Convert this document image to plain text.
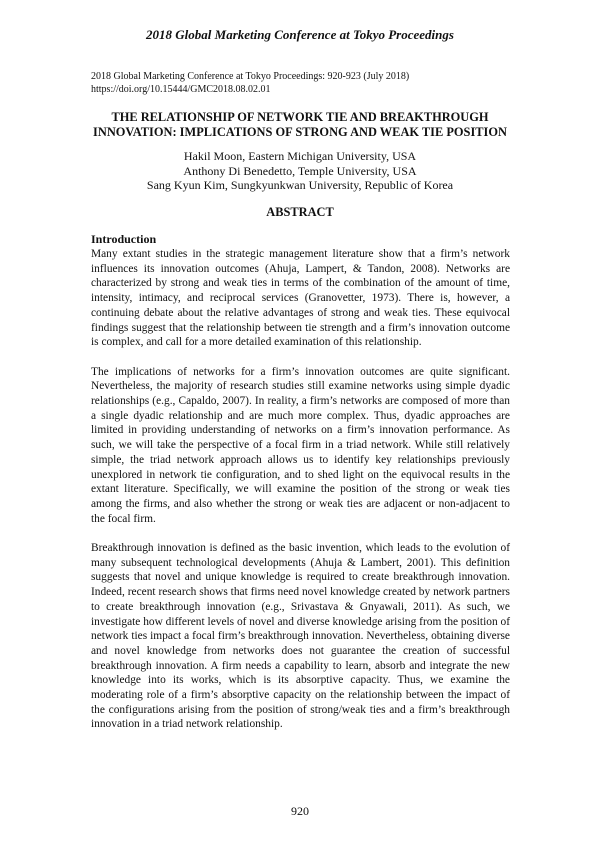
2018 Global Marketing Conference at Tokyo Proceedings
2018 Global Marketing Conference at Tokyo Proceedings: 920-923 (July 2018)
https://doi.org/10.15444/GMC2018.08.02.01
THE RELATIONSHIP OF NETWORK TIE AND BREAKTHROUGH
INNOVATION: IMPLICATIONS OF STRONG AND WEAK TIE POSITION
Hakil Moon, Eastern Michigan University, USA
Anthony Di Benedetto, Temple University, USA
Sang Kyun Kim, Sungkyunkwan University, Republic of Korea
ABSTRACT
Introduction

Many extant studies in the strategic management literature show that a firm’s network influences its innovation outcomes (Ahuja, Lampert, & Tandon, 2008). Networks are characterized by strong and weak ties in terms of the combination of the amount of time, intensity, intimacy, and reciprocal services (Granovetter, 1973). There is, however, a continuing debate about the relative advantages of strong and weak ties. These equivocal findings suggest that the relationship between tie strength and a firm’s innovation outcome is complex, and call for a more detailed examination of this relationship.

The implications of networks for a firm’s innovation outcomes are quite significant. Nevertheless, the majority of research studies still examine networks using simple dyadic relationships (e.g., Capaldo, 2007). In reality, a firm’s networks are composed of more than a single dyadic relationship and are much more complex. Thus, dyadic approaches are limited in providing understanding of networks on a firm’s innovation performance. As such, we will take the perspective of a focal firm in a triad network. While still relatively simple, the triad network approach allows us to identify key relationships previously unexplored in network tie configuration, and to shed light on the equivocal results in the extant literature. Specifically, we will examine the position of the strong or weak ties among the firms, and also whether the strong or weak ties are adjacent or non-adjacent to the focal firm.

Breakthrough innovation is defined as the basic invention, which leads to the evolution of many subsequent technological developments (Ahuja & Lambert, 2001). This definition suggests that novel and unique knowledge is required to create breakthrough innovation. Indeed, recent research shows that firms need novel knowledge created by network partners to create breakthrough innovation (e.g., Srivastava & Gnyawali, 2011). As such, we investigate how different levels of novel and diverse knowledge arising from the position of network ties impact a focal firm’s breakthrough innovation. Nevertheless, obtaining diverse and novel knowledge from networks does not guarantee the creation of successful breakthrough innovation. A firm needs a capability to learn, absorb and integrate the new knowledge into its works, which is its absorptive capacity. Thus, we examine the moderating role of a firm’s absorptive capacity on the relationship between the impact of the configurations arising from the position of strong/weak ties and a firm’s breakthrough innovation in a triad network relationship.

920
